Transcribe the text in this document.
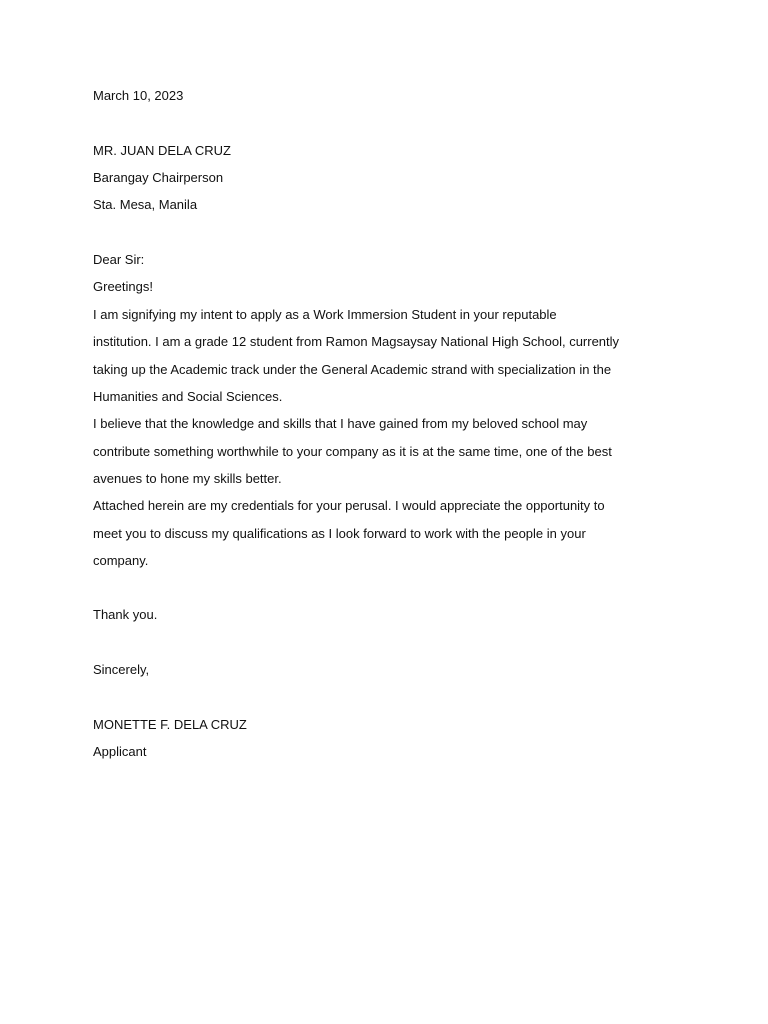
March 10, 2023
MR. JUAN DELA CRUZ
Barangay Chairperson
Sta. Mesa, Manila
Dear Sir:
Greetings!
I am signifying my intent to apply as a Work Immersion Student in your reputable
institution. I am a grade 12 student from Ramon Magsaysay National High School, currently
taking up the Academic track under the General Academic strand with specialization in the
Humanities and Social Sciences.
I believe that the knowledge and skills that I have gained from my beloved school may
contribute something worthwhile to your company as it is at the same time, one of the best
avenues to hone my skills better.
Attached herein are my credentials for your perusal. I would appreciate the opportunity to
meet you to discuss my qualifications as I look forward to work with the people in your
company.
Thank you.
Sincerely,
MONETTE F. DELA CRUZ
Applicant
